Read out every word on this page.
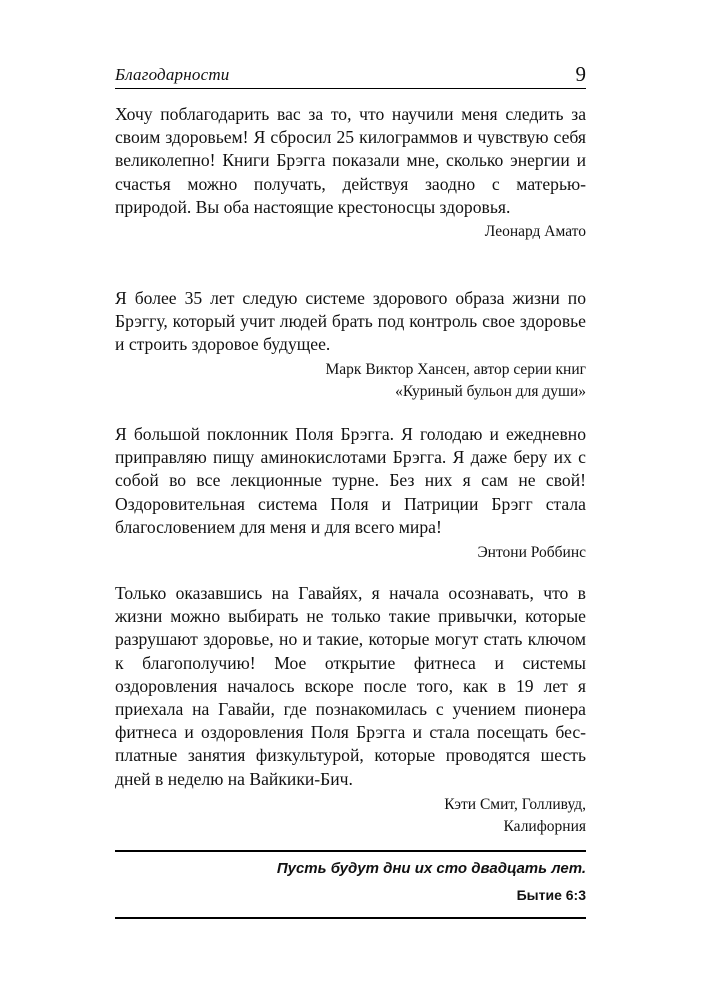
Благодарности	9

Хочу поблагодарить вас за то, что научили меня следить за своим здоровьем! Я сбросил 25 килограммов и чувствую себя великолепно! Книги Брэгга показали мне, сколько энергии и счастья можно получать, действуя заодно с матерью-природой. Вы оба настоящие крестоносцы здоровья.

Леонард Амато

Я более 35 лет следую системе здорового образа жизни по Брэггу, который учит людей брать под контроль свое здоровье и строить здоровое будущее.

Марк Виктор Хансен, автор серии книг

«Куриный бульон для души»

Я большой поклонник Поля Брэгга. Я голодаю и ежедневно приправляю пищу аминокислотами Брэгга. Я даже беру их с собой во все лекционные турне. Без них я сам не свой! Оздоровительная система Поля и Патриции Брэгг стала благословением для меня и для всего мира!

Энтони Роббинс

Только оказавшись на Гавайях, я начала осознавать, что в жизни можно выбирать не только такие привычки, которые разрушают здоровье, но и такие, которые могут стать ключом к благополучию! Мое открытие фитнеса и системы оздоровления началось вскоре после того, как в 19 лет я приехала на Гавайи, где познакомилась с учением пионера фитнеса и оздоровления Поля Брэгга и стала посещать бесплатные занятия физкультурой, которые проводятся шесть дней в неделю на Вайкики-Бич.

Кэти Смит, Голливуд,

Калифорния

Пусть будут дни их сто двадцать лет.

Бытие 6:3
